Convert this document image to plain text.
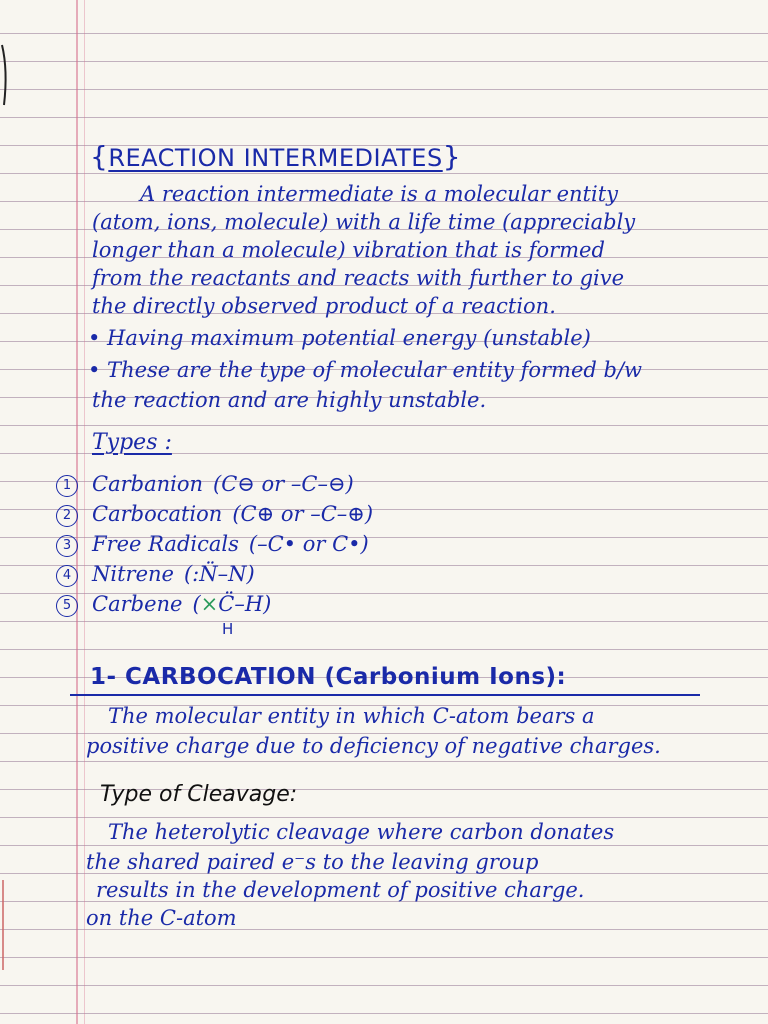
{REACTION INTERMEDIATES}
A reaction intermediate is a molecular entity
(atom, ions, molecule) with a life time (appreciably
longer than a molecule) vibration that is formed
from the reactants and reacts with further to give
the directly observed product of a reaction.
• Having maximum potential energy (unstable)
• These are the type of molecular entity formed b/w
the reaction and are highly unstable.
Types :
1 Carbanion (C⊖ or –C–⊖)
2 Carbocation (C⊕ or –C–⊕)
3 Free Radicals (–C• or C•)
4 Nitrene (:N̈–N)
5 Carbene (×C̈–H)
H
1- CARBOCATION (Carbonium Ions):
The molecular entity in which C-atom bears a
positive charge due to deficiency of negative charges.
Type of Cleavage:
The heterolytic cleavage where carbon donates
the shared paired e⁻s to the leaving group
results in the development of positive charge.
on the C-atom
